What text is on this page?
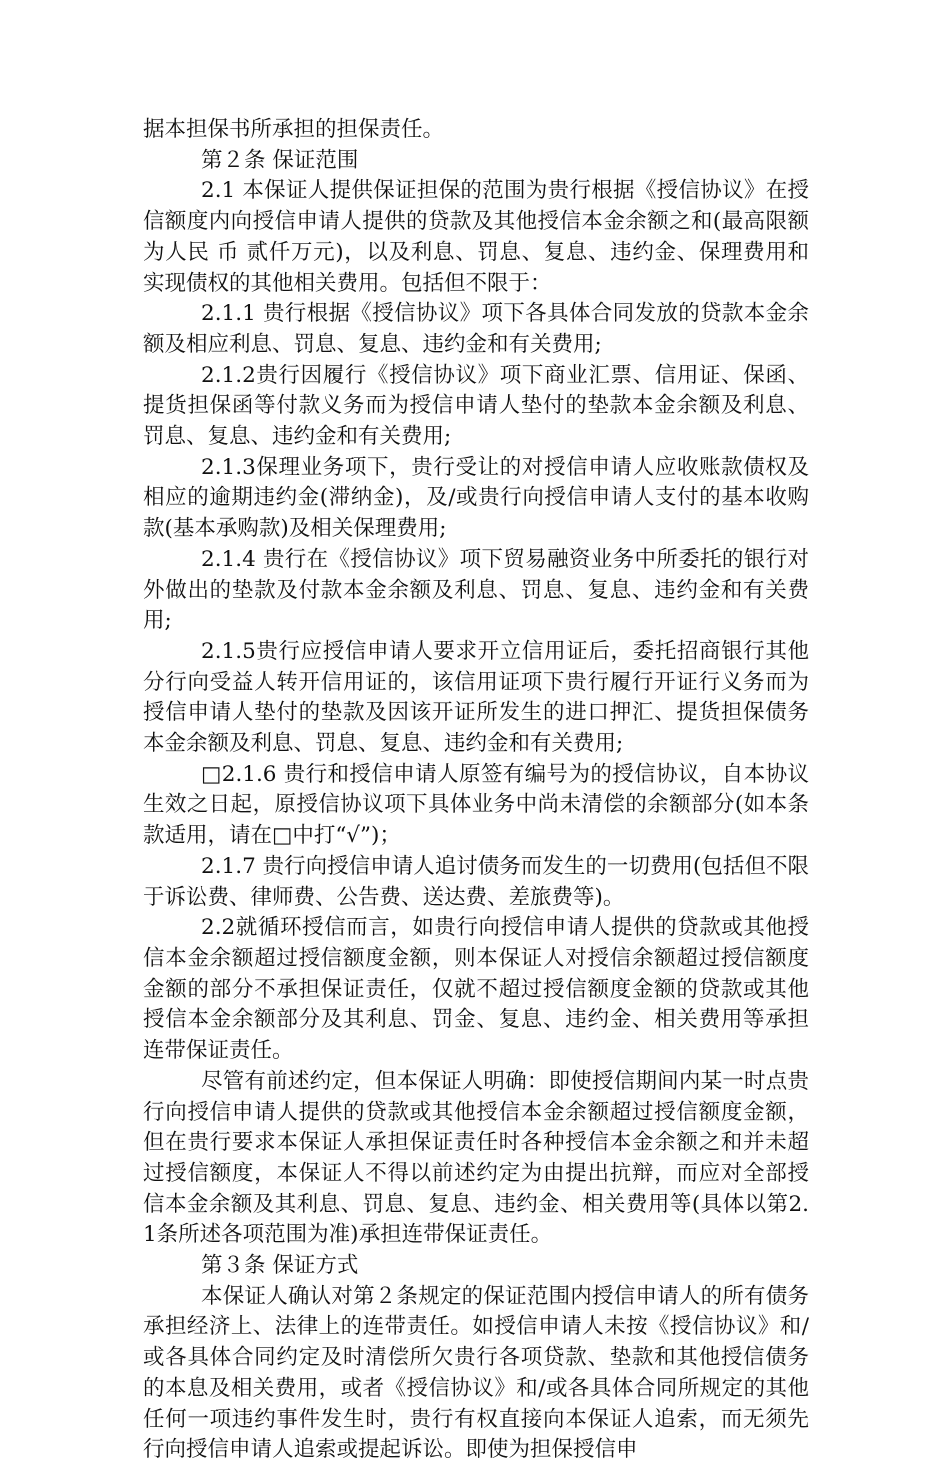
据本担保书所承担的担保责任。

第２条 保证范围

2.1 本保证人提供保证担保的范围为贵行根据《授信协议》在授信额度内向授信申请人提供的贷款及其他授信本金余额之和(最高限额为人民 币 贰仟万元)，以及利息、罚息、复息、违约金、保理费用和实现债权的其他相关费用。包括但不限于：

2.1.1 贵行根据《授信协议》项下各具体合同发放的贷款本金余额及相应利息、罚息、复息、违约金和有关费用;

2.1.2贵行因履行《授信协议》项下商业汇票、信用证、保函、提货担保函等付款义务而为授信申请人垫付的垫款本金余额及利息、罚息、复息、违约金和有关费用;

2.1.3保理业务项下，贵行受让的对授信申请人应收账款债权及相应的逾期违约金(滞纳金)，及/或贵行向授信申请人支付的基本收购款(基本承购款)及相关保理费用;

2.1.4 贵行在《授信协议》项下贸易融资业务中所委托的银行对外做出的垫款及付款本金余额及利息、罚息、复息、违约金和有关费用;

2.1.5贵行应授信申请人要求开立信用证后，委托招商银行其他分行向受益人转开信用证的，该信用证项下贵行履行开证行义务而为授信申请人垫付的垫款及因该开证所发生的进口押汇、提货担保债务本金余额及利息、罚息、复息、违约金和有关费用;

□2.1.6 贵行和授信申请人原签有编号为的授信协议，自本协议生效之日起，原授信协议项下具体业务中尚未清偿的余额部分(如本条款适用，请在□中打“√”)；

2.1.7 贵行向授信申请人追讨债务而发生的一切费用(包括但不限于诉讼费、律师费、公告费、送达费、差旅费等)。

2.2就循环授信而言，如贵行向授信申请人提供的贷款或其他授信本金余额超过授信额度金额，则本保证人对授信余额超过授信额度金额的部分不承担保证责任，仅就不超过授信额度金额的贷款或其他授信本金余额部分及其利息、罚金、复息、违约金、相关费用等承担连带保证责任。

尽管有前述约定，但本保证人明确：即使授信期间内某一时点贵行向授信申请人提供的贷款或其他授信本金余额超过授信额度金额，但在贵行要求本保证人承担保证责任时各种授信本金余额之和并未超过授信额度，本保证人不得以前述约定为由提出抗辩，而应对全部授信本金余额及其利息、罚息、复息、违约金、相关费用等(具体以第2.1条所述各项范围为准)承担连带保证责任。

第３条 保证方式

本保证人确认对第２条规定的保证范围内授信申请人的所有债务承担经济上、法律上的连带责任。如授信申请人未按《授信协议》和/或各具体合同约定及时清偿所欠贵行各项贷款、垫款和其他授信债务的本息及相关费用，或者《授信协议》和/或各具体合同所规定的其他任何一项违约事件发生时，贵行有权直接向本保证人追索，而无须先行向授信申请人追索或提起诉讼。即使为担保授信申
